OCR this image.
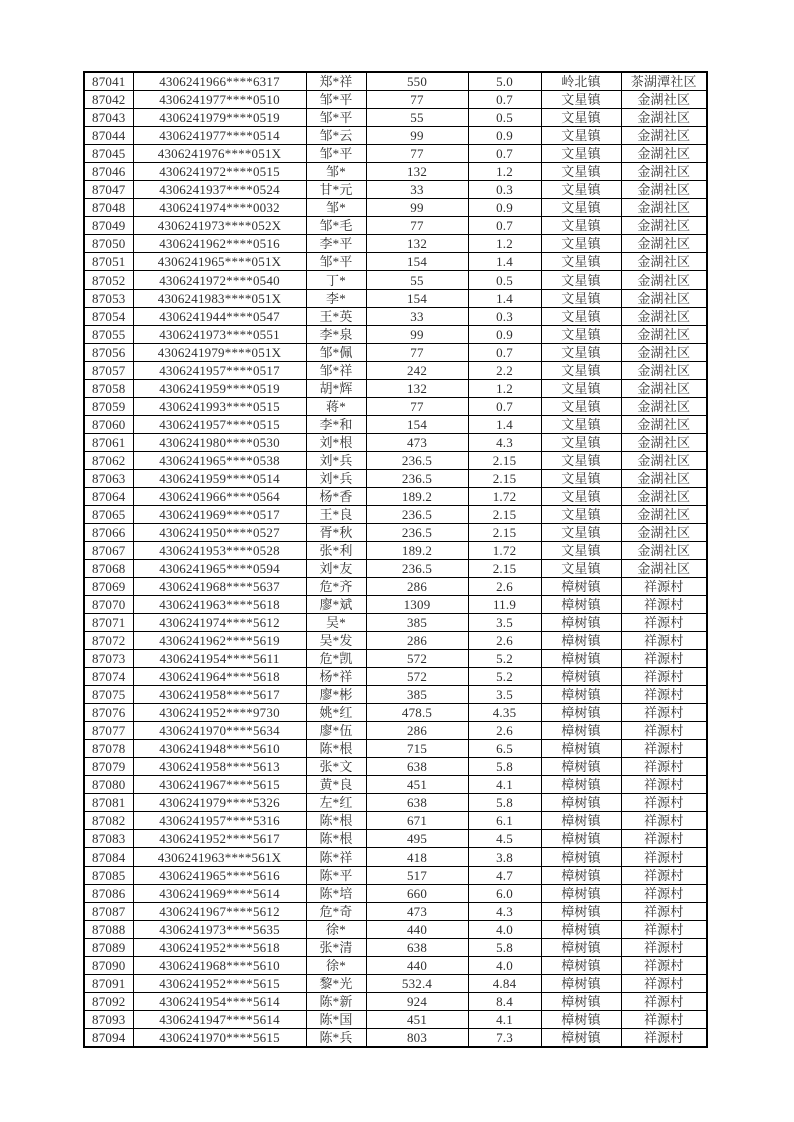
87041	4306241966****6317	郑*祥	550	5.0	岭北镇	茶湖潭社区
87042	4306241977****0510	邹*平	77	0.7	文星镇	金湖社区
87043	4306241979****0519	邹*平	55	0.5	文星镇	金湖社区
87044	4306241977****0514	邹*云	99	0.9	文星镇	金湖社区
87045	4306241976****051X	邹*平	77	0.7	文星镇	金湖社区
87046	4306241972****0515	邹*	132	1.2	文星镇	金湖社区
87047	4306241937****0524	甘*元	33	0.3	文星镇	金湖社区
87048	4306241974****0032	邹*	99	0.9	文星镇	金湖社区
87049	4306241973****052X	邹*毛	77	0.7	文星镇	金湖社区
87050	4306241962****0516	李*平	132	1.2	文星镇	金湖社区
87051	4306241965****051X	邹*平	154	1.4	文星镇	金湖社区
87052	4306241972****0540	丁*	55	0.5	文星镇	金湖社区
87053	4306241983****051X	李*	154	1.4	文星镇	金湖社区
87054	4306241944****0547	王*英	33	0.3	文星镇	金湖社区
87055	4306241973****0551	李*泉	99	0.9	文星镇	金湖社区
87056	4306241979****051X	邹*佩	77	0.7	文星镇	金湖社区
87057	4306241957****0517	邹*祥	242	2.2	文星镇	金湖社区
87058	4306241959****0519	胡*辉	132	1.2	文星镇	金湖社区
87059	4306241993****0515	蒋*	77	0.7	文星镇	金湖社区
87060	4306241957****0515	李*和	154	1.4	文星镇	金湖社区
87061	4306241980****0530	刘*根	473	4.3	文星镇	金湖社区
87062	4306241965****0538	刘*兵	236.5	2.15	文星镇	金湖社区
87063	4306241959****0514	刘*兵	236.5	2.15	文星镇	金湖社区
87064	4306241966****0564	杨*香	189.2	1.72	文星镇	金湖社区
87065	4306241969****0517	王*良	236.5	2.15	文星镇	金湖社区
87066	4306241950****0527	胥*秋	236.5	2.15	文星镇	金湖社区
87067	4306241953****0528	张*利	189.2	1.72	文星镇	金湖社区
87068	4306241965****0594	刘*友	236.5	2.15	文星镇	金湖社区
87069	4306241968****5637	危*齐	286	2.6	樟树镇	祥源村
87070	4306241963****5618	廖*斌	1309	11.9	樟树镇	祥源村
87071	4306241974****5612	吴*	385	3.5	樟树镇	祥源村
87072	4306241962****5619	吴*发	286	2.6	樟树镇	祥源村
87073	4306241954****5611	危*凯	572	5.2	樟树镇	祥源村
87074	4306241964****5618	杨*祥	572	5.2	樟树镇	祥源村
87075	4306241958****5617	廖*彬	385	3.5	樟树镇	祥源村
87076	4306241952****9730	姚*红	478.5	4.35	樟树镇	祥源村
87077	4306241970****5634	廖*伍	286	2.6	樟树镇	祥源村
87078	4306241948****5610	陈*根	715	6.5	樟树镇	祥源村
87079	4306241958****5613	张*文	638	5.8	樟树镇	祥源村
87080	4306241967****5615	黄*良	451	4.1	樟树镇	祥源村
87081	4306241979****5326	左*红	638	5.8	樟树镇	祥源村
87082	4306241957****5316	陈*根	671	6.1	樟树镇	祥源村
87083	4306241952****5617	陈*根	495	4.5	樟树镇	祥源村
87084	4306241963****561X	陈*祥	418	3.8	樟树镇	祥源村
87085	4306241965****5616	陈*平	517	4.7	樟树镇	祥源村
87086	4306241969****5614	陈*培	660	6.0	樟树镇	祥源村
87087	4306241967****5612	危*奇	473	4.3	樟树镇	祥源村
87088	4306241973****5635	徐*	440	4.0	樟树镇	祥源村
87089	4306241952****5618	张*清	638	5.8	樟树镇	祥源村
87090	4306241968****5610	徐*	440	4.0	樟树镇	祥源村
87091	4306241952****5615	黎*光	532.4	4.84	樟树镇	祥源村
87092	4306241954****5614	陈*新	924	8.4	樟树镇	祥源村
87093	4306241947****5614	陈*国	451	4.1	樟树镇	祥源村
87094	4306241970****5615	陈*兵	803	7.3	樟树镇	祥源村
